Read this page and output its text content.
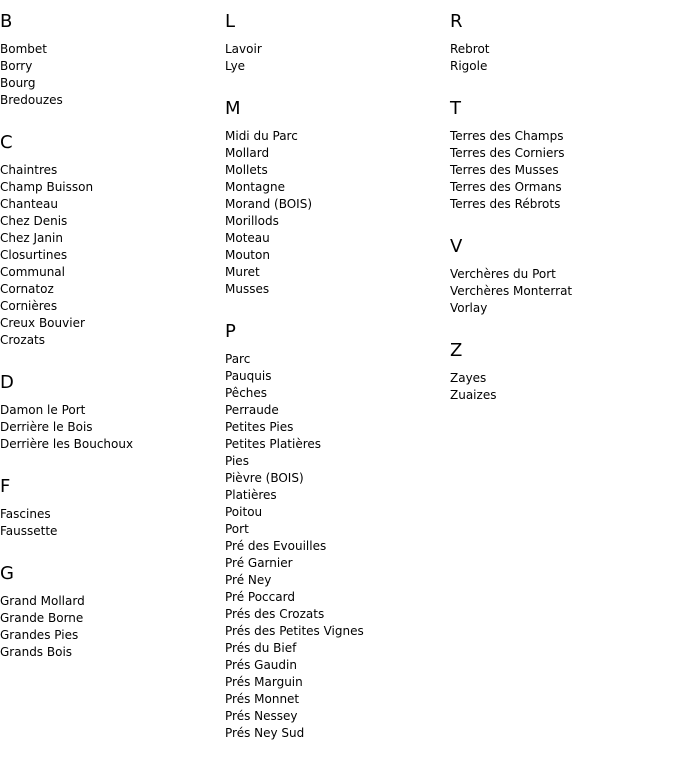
B
Bombet
Borry
Bourg
Bredouzes
C
Chaintres
Champ Buisson
Chanteau
Chez Denis
Chez Janin
Closurtines
Communal
Cornatoz
Cornières
Creux Bouvier
Crozats
D
Damon le Port
Derrière le Bois
Derrière les Bouchoux
F
Fascines
Faussette
G
Grand Mollard
Grande Borne
Grandes Pies
Grands Bois
L
Lavoir
Lye
M
Midi du Parc
Mollard
Mollets
Montagne
Morand (BOIS)
Morillods
Moteau
Mouton
Muret
Musses
P
Parc
Pauquis
Pêches
Perraude
Petites Pies
Petites Platières
Pies
Pièvre (BOIS)
Platières
Poitou
Port
Pré des Evouilles
Pré Garnier
Pré Ney
Pré Poccard
Prés des Crozats
Prés des Petites Vignes
Prés du Bief
Prés Gaudin
Prés Marguin
Prés Monnet
Prés Nessey
Prés Ney Sud
R
Rebrot
Rigole
T
Terres des Champs
Terres des Corniers
Terres des Musses
Terres des Ormans
Terres des Rébrots
V
Verchères du Port
Verchères Monterrat
Vorlay
Z
Zayes
Zuaizes
